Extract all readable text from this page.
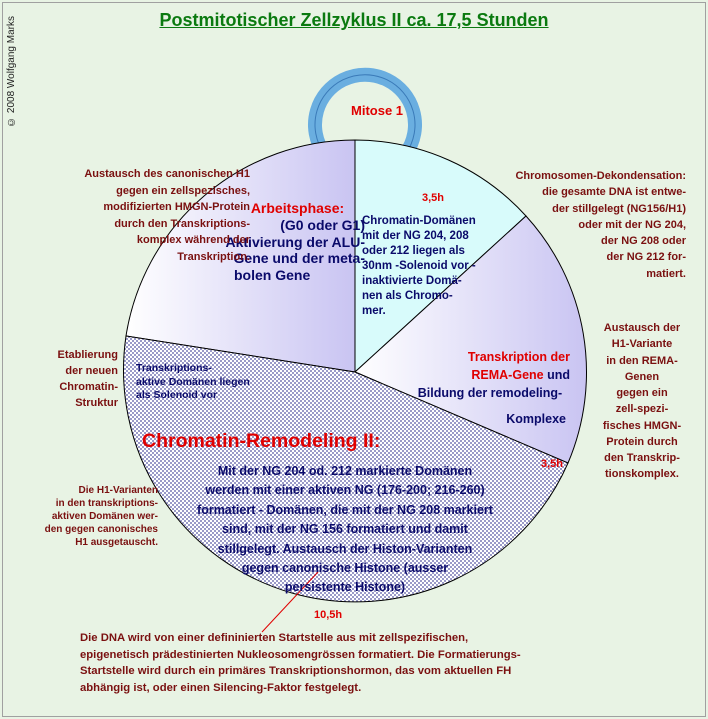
Postmitotischer Zellzyklus II ca. 17,5 Stunden
© 2008 Wolfgang Marks	Mitose 1
3,5h
3,5h
10,5h
Arbeitsphase:
(G0 oder G1)
Aktivierung der ALU-
Gene und der meta-
bolen Gene
Chromatin-Domänen
mit der NG 204, 208
oder 212 liegen als
30nm -Solenoid vor -
inaktivierte Domä-
nen als Chromo-
mer.
Transkription der
REMA-Gene und
Bildung der remodeling-
Komplexe
Transkriptions-
aktive Domänen liegen
als Solenoid vor
Chromatin-Remodeling II:
Mit der NG 204 od. 212 markierte Domänen
werden mit einer aktiven NG (176-200; 216-260)
formatiert - Domänen, die mit der NG 208 markiert
sind, mit der NG 156 formatiert und damit
stillgelegt. Austausch der Histon-Varianten
gegen canonische Histone (ausser
persistente Histone)
Austausch des canonischen H1
gegen ein zellspezisches,
modifizierten HMGN-Protein
durch den Transkriptions-
komplex während der
Transkription.
Etablierung
der neuen
Chromatin-
Struktur
Die H1-Varianten
in den transkriptions-
aktiven Domänen wer-
den gegen canonisches
H1 ausgetauscht.
Chromosomen-Dekondensation:
die gesamte DNA ist entwe-
der stillgelegt (NG156/H1)
oder mit der NG 204,
der NG 208 oder
der NG 212 for-
matiert.
Austausch der
H1-Variante
in den REMA-
Genen
gegen ein
zell-spezi-
fisches HMGN-
Protein durch
den Transkrip-
tionskomplex.
Die DNA wird von einer defininierten Startstelle aus mit zellspezifischen,
epigenetisch prädestinierten Nukleosomengrössen formatiert. Die Formatierungs-
Startstelle wird durch ein primäres Transkriptionshormon, das vom aktuellen FH
abhängig ist, oder einen Silencing-Faktor festgelegt.
